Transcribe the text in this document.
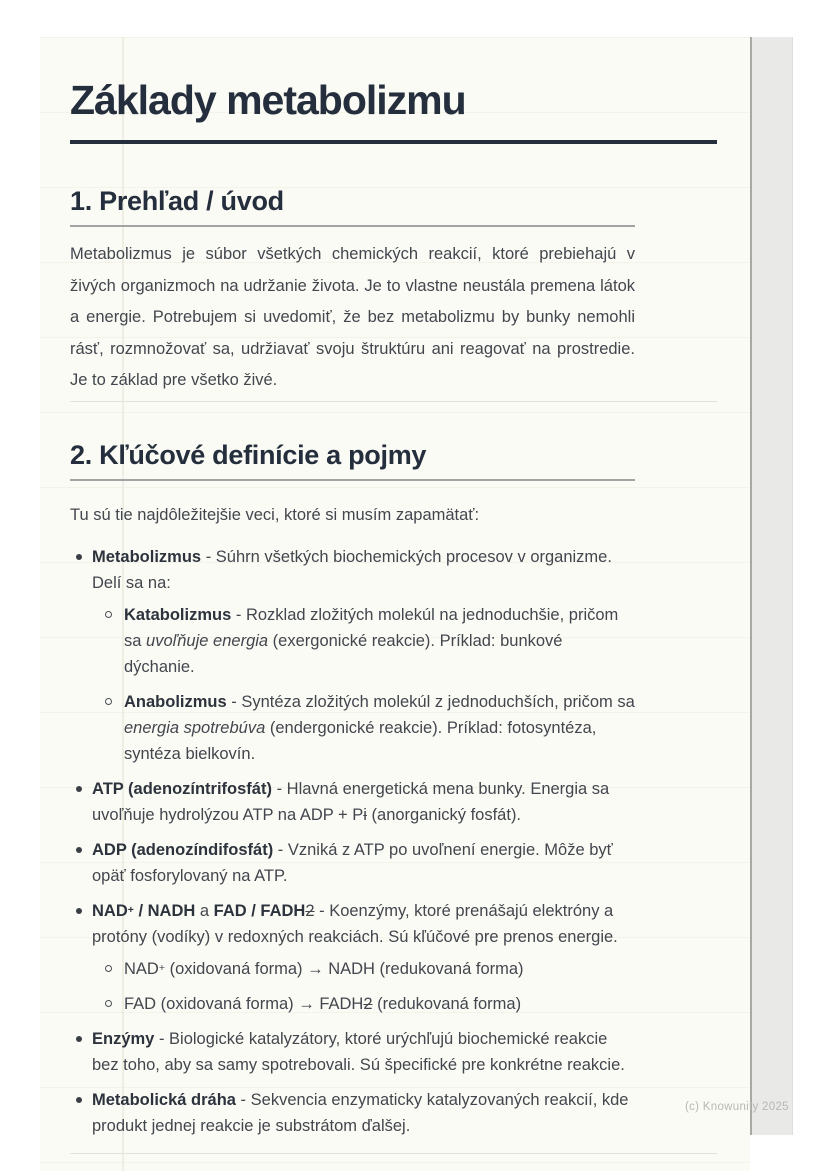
Základy metabolizmu
1. Prehľad / úvod

Metabolizmus je súbor všetkých chemických reakcií, ktoré prebiehajú v živých organizmoch na udržanie života. Je to vlastne neustála premena látok a energie. Potrebujem si uvedomiť, že bez metabolizmu by bunky nemohli rásť, rozmnožovať sa, udržiavať svoju štruktúru ani reagovať na prostredie. Je to základ pre všetko živé.

2. Kľúčové definície a pojmy

Tu sú tie najdôležitejšie veci, ktoré si musím zapamätať:

Metabolizmus - Súhrn všetkých biochemických procesov v organizme. Delí sa na:
Katabolizmus - Rozklad zložitých molekúl na jednoduchšie, pričom sa uvoľňuje energia (exergonické reakcie). Príklad: bunkové dýchanie.
Anabolizmus - Syntéza zložitých molekúl z jednoduchších, pričom sa energia spotrebúva (endergonické reakcie). Príklad: fotosyntéza, syntéza bielkovín.
ATP (adenozíntrifosfát) - Hlavná energetická mena bunky. Energia sa uvoľňuje hydrolýzou ATP na ADP + Pi (anorganický fosfát).
ADP (adenozíndifosfát) - Vzniká z ATP po uvoľnení energie. Môže byť opäť fosforylovaný na ATP.
NAD+ / NADH a FAD / FADH2 - Koenzýmy, ktoré prenášajú elektróny a protóny (vodíky) v redoxných reakciách. Sú kľúčové pre prenos energie.
NAD+ (oxidovaná forma) → NADH (redukovaná forma)
FAD (oxidovaná forma) → FADH2 (redukovaná forma)
Enzýmy - Biologické katalyzátory, ktoré urýchľujú biochemické reakcie bez toho, aby sa samy spotrebovali. Sú špecifické pre konkrétne reakcie.
Metabolická dráha - Sekvencia enzymaticky katalyzovaných reakcií, kde produkt jednej reakcie je substrátom ďalšej.
(c) Knowunity 2025
